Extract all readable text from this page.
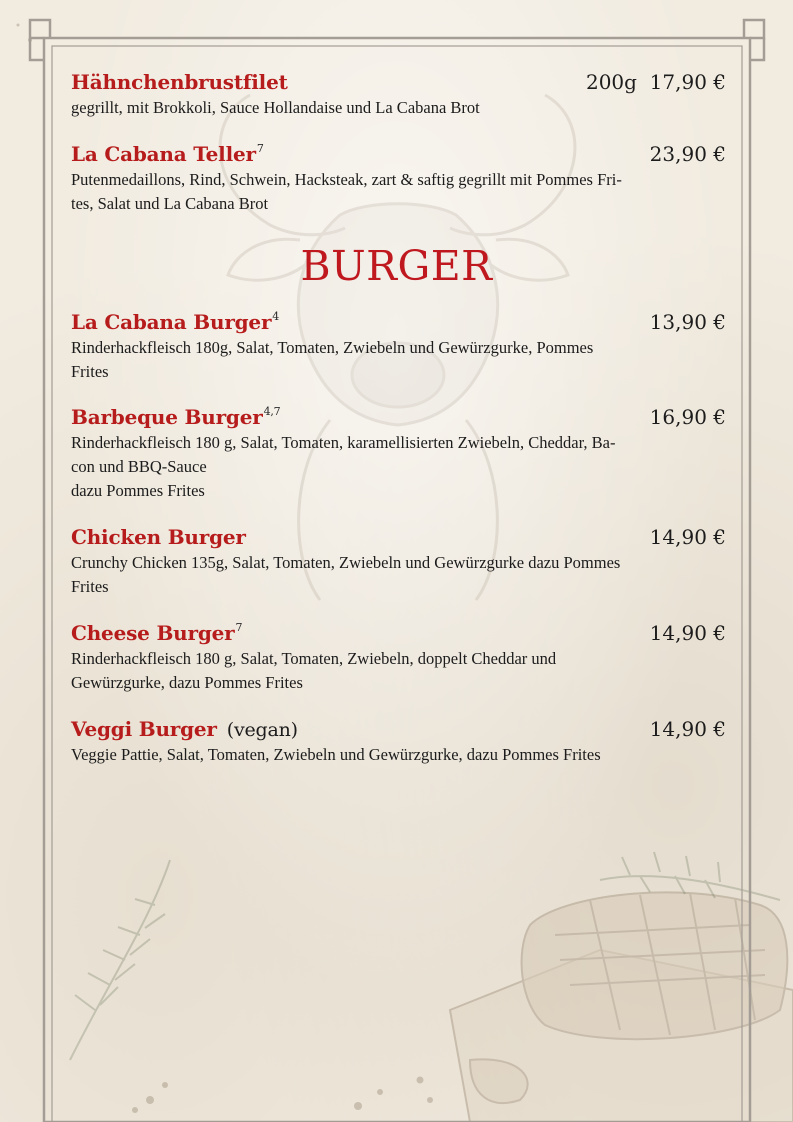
Hähnchenbrustfilet	200g  17,90 €
gegrillt, mit Brokkoli, Sauce Hollandaise und La Cabana Brot
La Cabana Teller$^7$	23,90 €
Putenmedaillons, Rind, Schwein, Hacksteak, zart & saftig gegrillt mit Pommes Fri-
tes, Salat und La Cabana Brot
BURGER
La Cabana Burger$^4$	13,90 €
Rinderhackfleisch 180g, Salat, Tomaten, Zwiebeln und Gewürzgurke, Pommes
Frites
Barbeque Burger$^{4,7}$	16,90 €
Rinderhackfleisch 180 g, Salat, Tomaten, karamellisierten Zwiebeln, Cheddar, Ba-
con und BBQ-Sauce
dazu Pommes Frites
Chicken Burger	14,90 €
Crunchy Chicken 135g, Salat, Tomaten, Zwiebeln und Gewürzgurke dazu Pommes
Frites
Cheese Burger$^7$	14,90 €
Rinderhackfleisch 180 g, Salat, Tomaten, Zwiebeln, doppelt Cheddar und
Gewürzgurke, dazu Pommes Frites
Veggi Burger (vegan)	14,90 €
Veggie Pattie, Salat, Tomaten, Zwiebeln und Gewürzgurke, dazu Pommes Frites
